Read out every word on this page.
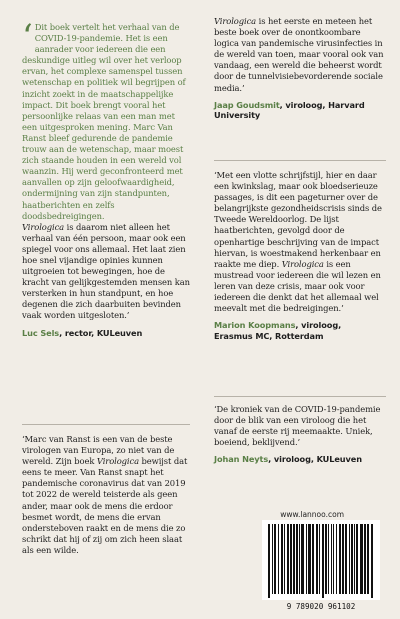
‘ Dit boek vertelt het verhaal van de COVID-19-pandemie. Het is een aanrader voor iedereen die een deskundige uitleg wil over het verloop ervan, het complexe samenspel tussen wetenschap en politiek wil begrijpen of inzicht zoekt in de maatschappelijke impact. Dit boek brengt vooral het persoonlijke relaas van een man met een uitgesproken mening. Marc Van Ranst bleef gedurende de pandemie trouw aan de wetenschap, maar moest zich staande houden in een wereld vol waanzin. Hij werd geconfronteerd met aanvallen op zijn geloofwaardigheid, ondermijning van zijn standpunten, haatberichten en zelfs doodsbedreigingen.

Virologica is daarom niet alleen het verhaal van één persoon, maar ook een spiegel voor ons allemaal. Het laat zien hoe snel vijandige opinies kunnen uitgroeien tot bewegingen, hoe de kracht van gelijkgestemden mensen kan versterken in hun standpunt, en hoe degenen die zich daarbuiten bevinden vaak worden uitgesloten.’

Luc Sels, rector, KULeuven

‘Marc van Ranst is een van de beste virologen van Europa, zo niet van de wereld. Zijn boek Virologica bewijst dat eens te meer. Van Ranst snapt het pandemische coronavirus dat van 2019 tot 2022 de wereld teisterde als geen ander, maar ook de mens die erdoor besmet wordt, de mens die ervan ondersteboven raakt en de mens die zo schrikt dat hij of zij om zich heen slaat als een wilde.

Virologica is het eerste en meteen het beste boek over de onontkoombare logica van pandemische virusinfecties in de wereld van toen, maar vooral ook van vandaag, een wereld die beheerst wordt door de tunnelvisiebevorderende sociale media.’

Jaap Goudsmit, viroloog, Harvard University

‘Met een vlotte schrijfstijl, hier en daar een kwinkslag, maar ook bloedserieuze passages, is dit een pageturner over de belangrijkste gezondheidscrisis sinds de Tweede Wereldoorlog. De lijst haatberichten, gevolgd door de openhartige beschrijving van de impact hiervan, is woestmakend herkenbaar en raakte me diep. Virologica is een mustread voor iedereen die wil lezen en leren van deze crisis, maar ook voor iedereen die denkt dat het allemaal wel meevalt met die bedreigingen.’

Marion Koopmans, viroloog,
Erasmus MC, Rotterdam

‘De kroniek van de COVID-19-pandemie door de blik van een viroloog die het vanaf de eerste rij meemaakte. Uniek, boeiend, beklijvend.’

Johan Neyts, viroloog, KULeuven
www.lannoo.com
9 789020 961102
